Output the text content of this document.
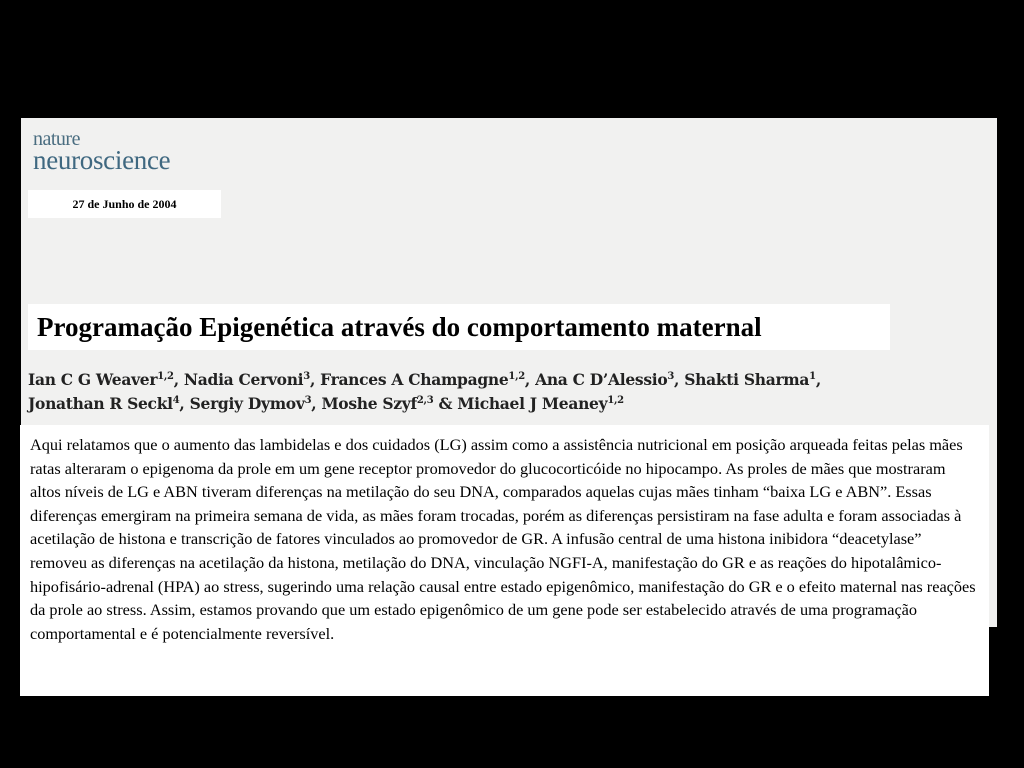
nature
neuroscience
27 de Junho de 2004
Programação Epigenética através do comportamento maternal
Ian C G Weaver$^{1,2}$, Nadia Cervoni$^3$, Frances A Champagne$^{1,2}$, Ana C D’Alessio$^3$, Shakti Sharma$^1$,
Jonathan R Seckl$^4$, Sergiy Dymov$^3$, Moshe Szyf$^{2,3}$ & Michael J Meaney$^{1,2}$

Aqui relatamos que o aumento das lambidelas e dos cuidados (LG) assim como a assistência nutricional em posição arqueada feitas pelas mães ratas alteraram o epigenoma da prole em um gene receptor promovedor do glucocorticóide no hipocampo. As proles de mães que mostraram altos níveis de LG e ABN tiveram diferenças na metilação do seu DNA, comparados aquelas cujas mães tinham “baixa LG e ABN”. Essas diferenças emergiram na primeira semana de vida, as mães foram trocadas, porém as diferenças persistiram na fase adulta e foram associadas à acetilação de histona e transcrição de fatores vinculados ao promovedor de GR. A infusão central de uma histona inibidora “deacetylase” removeu as diferenças na acetilação da histona, metilação do DNA, vinculação NGFI-A, manifestação do GR e as reações do hipotalâmico-hipofisário-adrenal (HPA) ao stress, sugerindo uma relação causal entre estado epigenômico, manifestação do GR e o efeito maternal nas reações da prole ao stress. Assim, estamos provando que um estado epigenômico de um gene pode ser estabelecido através de uma programação comportamental e é potencialmente reversível.
